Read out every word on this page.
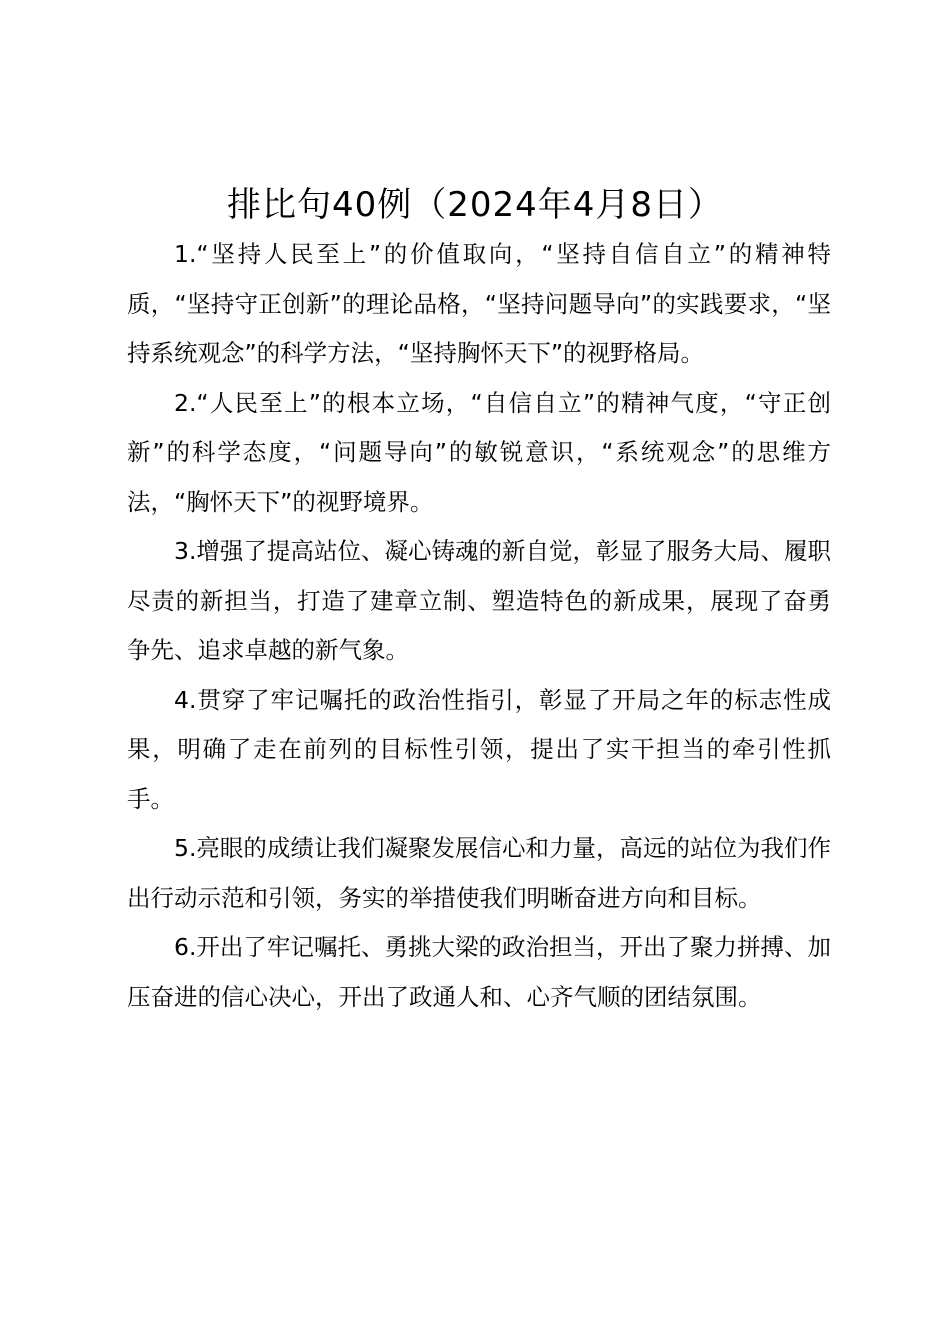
排比句40例（2024年4月8日）

1.“坚持人民至上”的价值取向，“坚持自信自立”的精神特质，“坚持守正创新”的理论品格，“坚持问题导向”的实践要求，“坚持系统观念”的科学方法，“坚持胸怀天下”的视野格局。

2.“人民至上”的根本立场，“自信自立”的精神气度，“守正创新”的科学态度，“问题导向”的敏锐意识，“系统观念”的思维方法，“胸怀天下”的视野境界。

3.增强了提高站位、凝心铸魂的新自觉，彰显了服务大局、履职尽责的新担当，打造了建章立制、塑造特色的新成果，展现了奋勇争先、追求卓越的新气象。

4.贯穿了牢记嘱托的政治性指引，彰显了开局之年的标志性成果，明确了走在前列的目标性引领，提出了实干担当的牵引性抓手。

5.亮眼的成绩让我们凝聚发展信心和力量，高远的站位为我们作出行动示范和引领，务实的举措使我们明晰奋进方向和目标。

6.开出了牢记嘱托、勇挑大梁的政治担当，开出了聚力拼搏、加压奋进的信心决心，开出了政通人和、心齐气顺的团结氛围。
